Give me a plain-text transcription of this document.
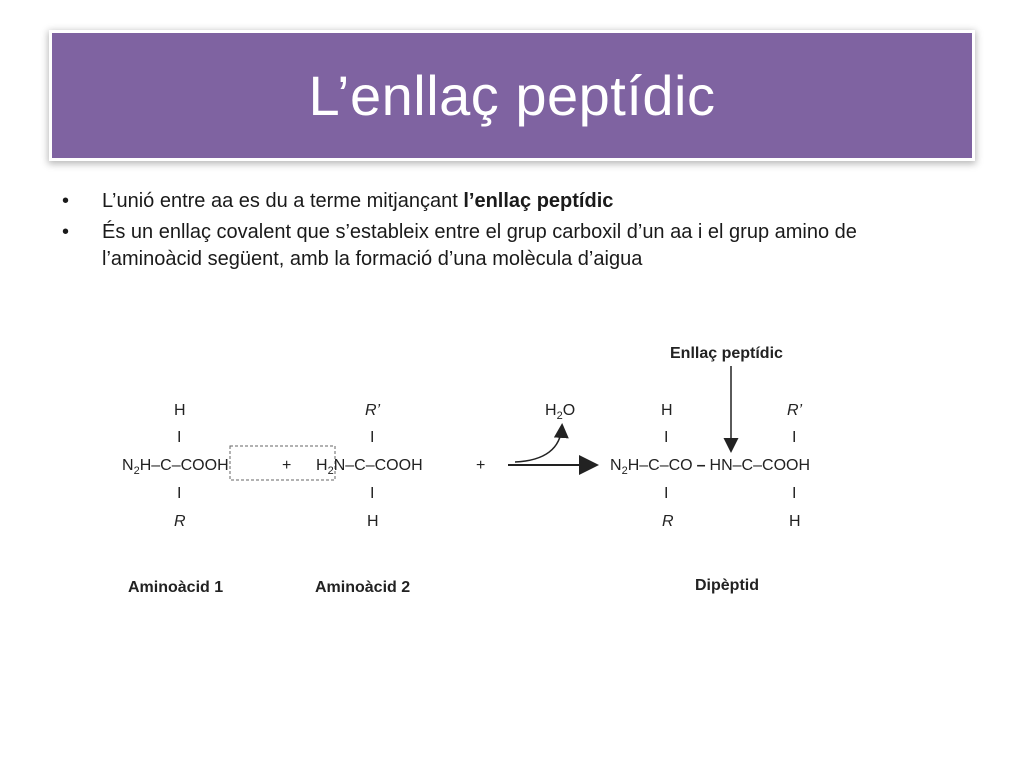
L’enllaç peptídic
•	L’unió entre aa es du a terme mitjançant l’enllaç peptídic
•	És un enllaç covalent que s’estableix entre el grup carboxil d’un aa i el grup amino de l’aminoàcid següent, amb la formació d’una molècula d’aigua
H
I
$N_2H-C$–COOH
I
R
Aminoàcid 1
+
R’
I
$H_2N-C$–COOH
I
H
Aminoàcid 2
+
$H_2O$
Enllaç peptídic
H	R’
I	I
$N_2H-C-CO$ – HN–C–COOH
I	I
R	H
Dipèptid
